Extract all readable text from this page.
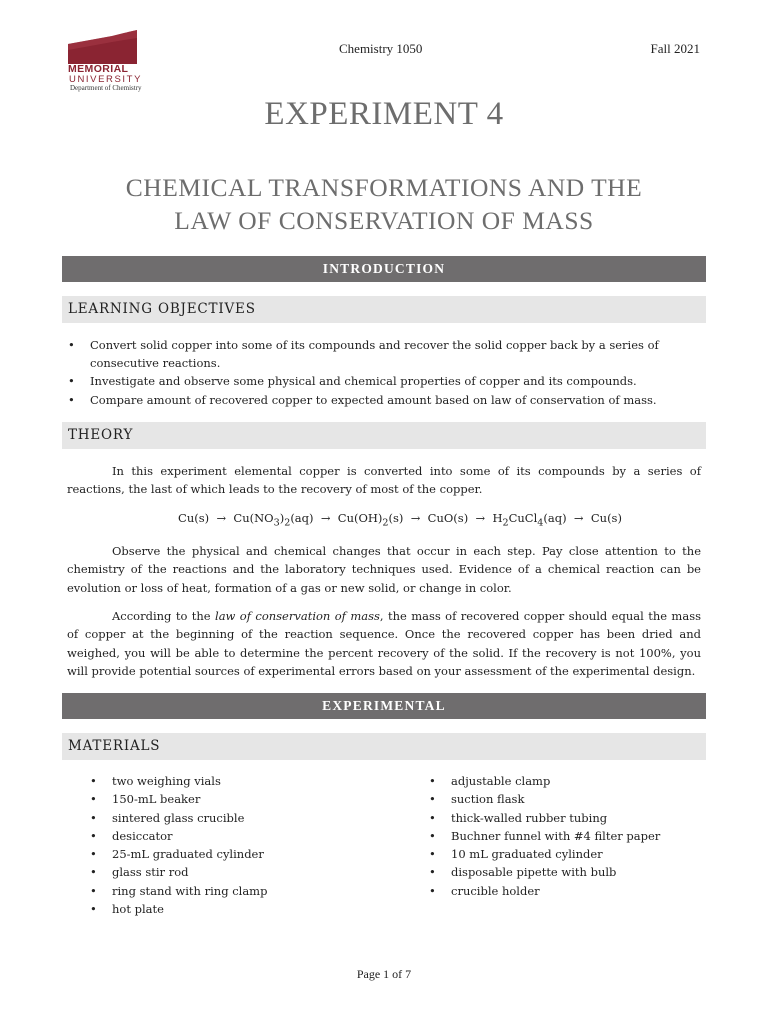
MEMORIAL
UNIVERSITY
Department of Chemistry
Chemistry 1050	Fall 2021
EXPERIMENT 4
CHEMICAL TRANSFORMATIONS AND THE
LAW OF CONSERVATION OF MASS
INTRODUCTION
LEARNING OBJECTIVES
• Convert solid copper into some of its compounds and recover the solid copper back by a series of consecutive reactions.
• Investigate and observe some physical and chemical properties of copper and its compounds.
• Compare amount of recovered copper to expected amount based on law of conservation of mass.
THEORY

In this experiment elemental copper is converted into some of its compounds by a series of reactions, the last of which leads to the recovery of most of the copper.

$Cu(s) \to Cu(NO_3)_2(aq) \to Cu(OH)_2(s) \to CuO(s)$ → $H_2CuCl_4(aq) \to Cu(s)$

Observe the physical and chemical changes that occur in each step. Pay close attention to the chemistry of the reactions and the laboratory techniques used. Evidence of a chemical reaction can be evolution or loss of heat, formation of a gas or new solid, or change in color.

According to the law of conservation of mass, the mass of recovered copper should equal the mass of copper at the beginning of the reaction sequence. Once the recovered copper has been dried and weighed, you will be able to determine the percent recovery of the solid. If the recovery is not 100%, you will provide potential sources of experimental errors based on your assessment of the experimental design.

EXPERIMENTAL
MATERIALS
• two weighing vials
• 150-mL beaker
• sintered glass crucible
• desiccator
• 25-mL graduated cylinder
• glass stir rod
• ring stand with ring clamp
• hot plate
• adjustable clamp
• suction flask
• thick-walled rubber tubing
• Buchner funnel with #4 filter paper
• 10 mL graduated cylinder
• disposable pipette with bulb
• crucible holder
Page 1 of 7
